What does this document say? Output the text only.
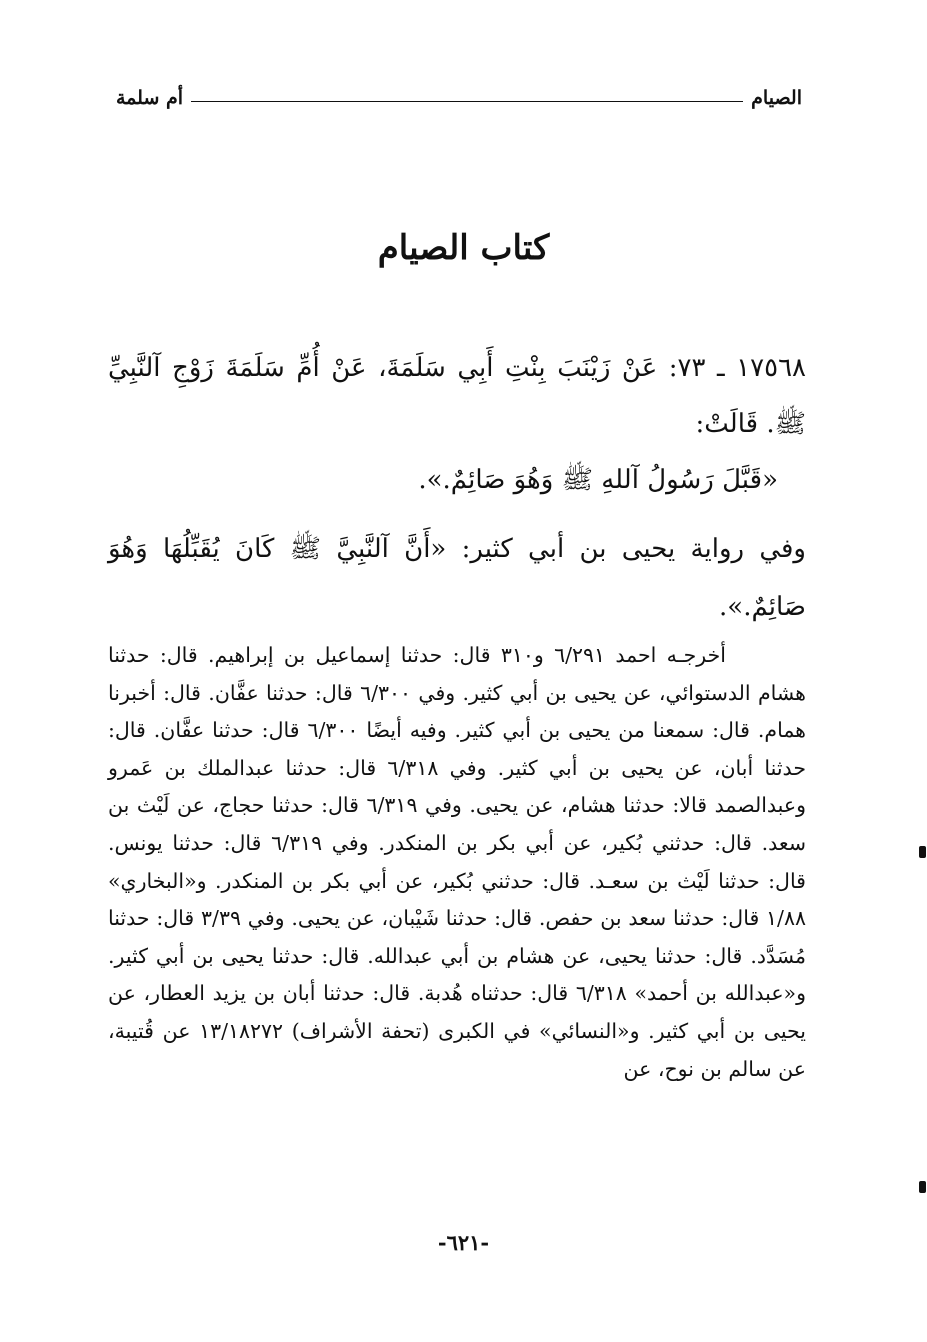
الصيام
أم سلمة
كتاب الصيام

١٧٥٦٨ ـ ٧٣: عَنْ زَيْنَبَ بِنْتِ أَبِي سَلَمَةَ، عَنْ أُمِّ سَلَمَةَ زَوْجِ آلنَّبِيِّ ﷺ. قَالَتْ:

«قَبَّلَ رَسُولُ آللهِ ﷺ وَهُوَ صَائِمٌ.».

وفي رواية يحيى بن أبي كثير: «أَنَّ آلنَّبِيَّ ﷺ كَانَ يُقَبِّلُهَا وَهُوَ صَائِمٌ.».

أخرجـه احمد ٦/٢٩١ و٣١٠ قال: حدثنا إسماعيل بن إبراهيم. قال: حدثنا هشام الدستوائي، عن يحيى بن أبي كثير. وفي ٦/٣٠٠ قال: حدثنا عفَّان. قال: أخبرنا همام. قال: سمعنا من يحيى بن أبي كثير. وفيه أيضًا ٦/٣٠٠ قال: حدثنا عفَّان. قال: حدثنا أبان، عن يحيى بن أبي كثير. وفي ٦/٣١٨ قال: حدثنا عبدالملك بن عَمرو وعبدالصمد قالا: حدثنا هشام، عن يحيى. وفي ٦/٣١٩ قال: حدثنا حجاج، عن لَيْث بن سعد. قال: حدثني بُكير، عن أبي بكر بن المنكدر. وفي ٦/٣١٩ قال: حدثنا يونس. قال: حدثنا لَيْث بن سعـد. قال: حدثني بُكير، عن أبي بكر بن المنكدر. و«البخاري» ١/٨٨ قال: حدثنا سعد بن حفص. قال: حدثنا شَيْبان، عن يحيى. وفي ٣/٣٩ قال: حدثنا مُسَدَّد. قال: حدثنا يحيى، عن هشام بن أبي عبدالله. قال: حدثنا يحيى بن أبي كثير. و«عبدالله بن أحمد» ٦/٣١٨ قال: حدثناه هُدبة. قال: حدثنا أبان بن يزيد العطار، عن يحيى بن أبي كثير. و«النسائي» في الكبرى (تحفة الأشراف) ١٣/١٨٢٧٢ عن قُتيبة، عن سالم بن نوح، عن

-٦٢١-
